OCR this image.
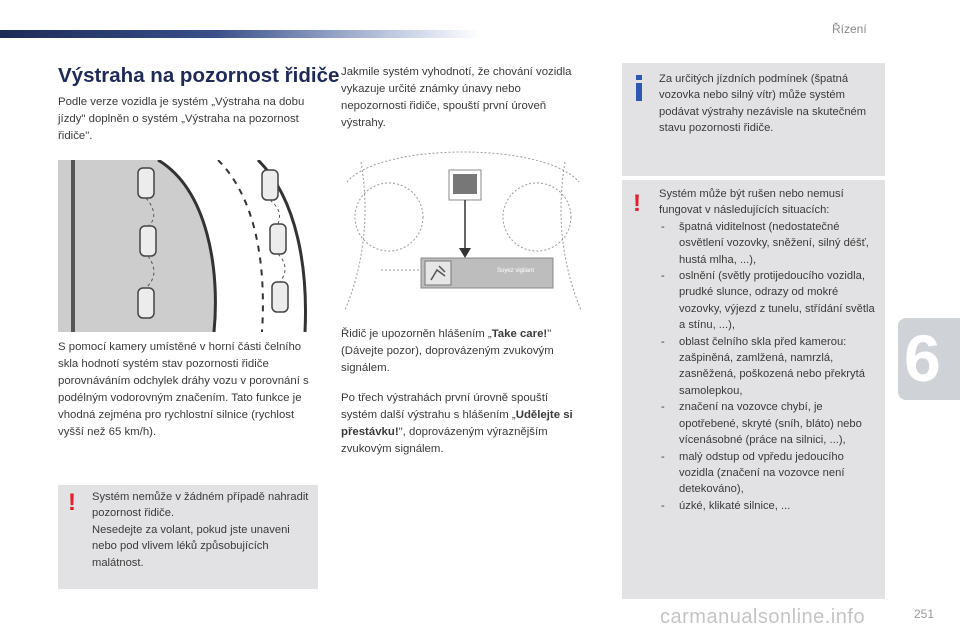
Řízení
6
Výstraha na pozornost řidiče
Podle verze vozidla je systém „Výstraha na dobu jízdy" doplněn o systém „Výstraha na pozornost řidiče".
S pomocí kamery umístěné v horní části čelního skla hodnotí systém stav pozornosti řidiče porovnáváním odchylek dráhy vozu v porovnání s podélným vodorovným značením. Tato funkce je vhodná zejména pro rychlostní silnice (rychlost vyšší než 65 km/h).
! Systém nemůže v žádném případě nahradit pozornost řidiče.
Nesedejte za volant, pokud jste unaveni nebo pod vlivem léků způsobujících malátnost.
Jakmile systém vyhodnotí, že chování vozidla vykazuje určité známky únavy nebo nepozornosti řidiče, spouští první úroveň výstrahy.
Soyez vigilant
Řidič je upozorněn hlášením „Take care!" (Dávejte pozor), doprovázeným zvukovým signálem.
Po třech výstrahách první úrovně spouští systém další výstrahu s hlášením „Udělejte si přestávku!", doprovázeným výraznějším zvukovým signálem.
Za určitých jízdních podmínek (špatná vozovka nebo silný vítr) může systém podávat výstrahy nezávisle na skutečném stavu pozornosti řidiče.
! Systém může být rušen nebo nemusí fungovat v následujících situacích:
- špatná viditelnost (nedostatečné osvětlení vozovky, sněžení, silný déšť, hustá mlha, ...),
- oslnění (světly protijedoucího vozidla, prudké slunce, odrazy od mokré vozovky, výjezd z tunelu, střídání světla a stínu, ...),
- oblast čelního skla před kamerou: zašpiněná, zamlžená, namrzlá, zasněžená, poškozená nebo překrytá samolepkou,
- značení na vozovce chybí, je opotřebené, skryté (sníh, bláto) nebo vícenásobné (práce na silnici, ...),
- malý odstup od vpředu jedoucího vozidla (značení na vozovce není detekováno),
- úzké, klikaté silnice, ...
251
carmanualsonline.info
